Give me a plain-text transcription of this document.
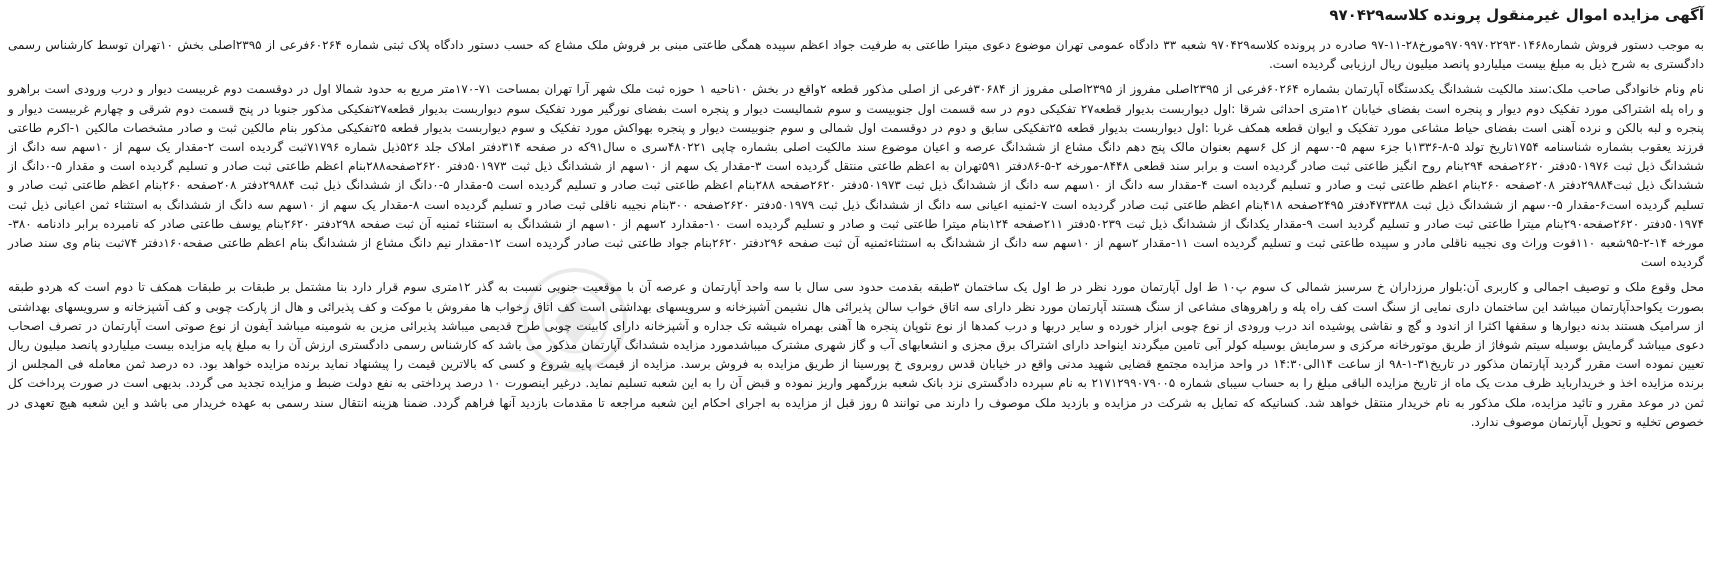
آگهی مزایده اموال غیرمنقول پرونده کلاسه۹۷۰۴۲۹

به موجب دستور فروش شماره۹۷۰۹۹۷۰۲۲۹۳۰۱۴۶۸مورخ۲۸-۱۱-۹۷ صادره در پرونده کلاسه۹۷۰۴۲۹ شعبه ۳۳ دادگاه عمومی تهران موضوع دعوی میترا طاعتی به طرفیت جواد اعظم سپیده همگی طاعتی مبنی بر فروش ملک مشاع که حسب دستور دادگاه پلاک ثبتی شماره ۶۰۲۶۴فرعی از ۲۳۹۵اصلی بخش ۱۰تهران توسط کارشناس رسمی دادگستری به شرح ذیل به مبلغ بیست میلیاردو پانصد میلیون ریال ارزیابی گردیده است.

نام ونام خانوادگی صاحب ملک:سند مالکیت ششدانگ یکدستگاه آپارتمان بشماره ۶۰۲۶۴فرعی از ۲۳۹۵اصلی مفروز از ۲۳۹۵اصلی مفروز از ۳۰۶۸۴فرعی از اصلی مذکور قطعه ۲واقع در بخش ۱۰ناحیه ۱ حوزه ثبت ملک شهر آرا تهران بمساحت ۷۱-۱۷۰متر مربع به حدود شمالا اول در دوقسمت دوم غربیست دیوار و درب ورودی است براهرو و راه پله اشتراکی مورد تفکیک دوم دیوار و پنجره است بفضای خیابان ۱۲متری احداثی شرقا :اول دیواربست بدیوار قطعه۲۷ تفکیکی دوم در سه قسمت اول جنوبیست و سوم شمالیست دیوار و پنجره است بفضای نورگیر مورد تفکیک سوم دیواربست بدیوار قطعه۲۷تفکیکی مذکور جنوبا در پنج قسمت دوم شرقی و چهارم غربیست دیوار و پنجره و لبه بالکن و نرده آهنی است بفضای حیاط مشاعی مورد تفکیک و ایوان قطعه همکف غربا :اول دیواربست بدیوار قطعه ۲۵تفکیکی سابق و دوم در دوقسمت اول شمالی و سوم جنوبیست دیوار و پنجره بهواکش مورد تفکیک و سوم دیواربست بدیوار قطعه ۲۵تفکیکی مذکور بنام مالکین ثبت و صادر مشخصات مالکین ۱-اکرم طاعتی فرزند یعقوب بشماره شناسنامه ۱۷۵۴تاریخ تولد ۵-۸-۱۳۳۶با جزء سهم ۵-۰سهم از کل ۶سهم بعنوان مالک پنج دهم دانگ مشاع از ششدانگ عرصه و اعیان موضوع سند مالکیت اصلی بشماره چاپی ۴۸۰۲۲۱سری ه سال۹۱که در صفحه ۳۱۴دفتر املاک جلد ۵۲۶ذیل شماره ۷۱۷۹۶ثبت گردیده است ۲-مقدار یک سهم از ۱۰سهم سه دانگ از ششدانگ ذیل ثبت ۵۰۱۹۷۶دفتر ۲۶۲۰صفحه ۲۹۴بنام روح انگیز طاعتی ثبت صادر گردیده است و برابر سند قطعی ۸۴۴۸-مورخه ۲-۵-۸۶دفتر ۵۹۱تهران به اعظم طاعتی منتقل گردیده است ۳-مقدار یک سهم از ۱۰سهم از ششدانگ ذیل ثبت ۵۰۱۹۷۳دفتر ۲۶۲۰صفحه۲۸۸بنام اعظم طاعتی ثبت صادر و تسلیم گردیده است و مقدار ۵-۰دانگ از ششدانگ ذیل ثبت۲۹۸۸۴دفتر ۲۰۸صفحه ۲۶۰بنام اعظم طاعتی ثبت و صادر و تسلیم گردیده است ۴-مقدار سه دانگ از ۱۰سهم سه دانگ از ششدانگ ذیل ثبت ۵۰۱۹۷۳دفتر ۲۶۲۰صفحه ۲۸۸بنام اعظم طاعتی ثبت صادر و تسلیم گردیده است ۵-مقدار ۵-۰دانگ از ششدانگ ذیل ثبت ۲۹۸۸۴دفتر ۲۰۸صفحه ۲۶۰بنام اعظم طاعتی ثبت صادر و تسلیم گردیده است۶-مقدار ۵-۰سهم از ششدانگ ذیل ثبت ۴۷۳۳۸۸دفتر ۲۴۹۵صفحه ۴۱۸بنام اعظم طاعتی ثبت صادر گردیده است ۷-ثمنیه اعیانی سه دانگ از ششدانگ ذیل ثبت ۵۰۱۹۷۹دفتر ۲۶۲۰صفحه ۳۰۰بنام نجیبه ناقلی ثبت صادر و تسلیم گردیده است ۸-مقدار یک سهم از ۱۰سهم سه دانگ از ششدانگ به استثناء ثمن اعیانی ذیل ثبت ۵۰۱۹۷۴دفتر ۲۶۲۰صفحه۲۹۰بنام میترا طاعتی ثبت صادر و تسلیم گردید است ۹-مقدار یکدانگ از ششدانگ ذیل ثبت ۵۰۲۳۹دفتر ۲۱۱صفحه ۱۲۴بنام میترا طاعتی ثبت و صادر و تسلیم گردیده است ۱۰-مقدارد ۲سهم از ۱۰سهم از ششدانگ به استثناء ثمنیه آن ثبت صفحه ۲۹۸دفتر ۲۶۲۰بنام یوسف طاعتی صادر که نامبرده برابر دادنامه ۳۸۰-مورخه ۱۴-۲-۹۵شعبه ۱۱۰فوت وراث وی نجیبه ناقلی مادر و سپیده طاعتی ثبت و تسلیم گردیده است ۱۱-مقدار ۲سهم از ۱۰سهم سه دانگ از ششدانگ به استثناءثمنیه آن ثبت صفحه ۲۹۶دفتر ۲۶۲۰بنام جواد طاعتی ثبت صادر گردیده است ۱۲-مقدار نیم دانگ مشاع از ششدانگ بنام اعظم طاعتی صفحه۱۶۰دفتر ۷۴ثبت بنام وی سند صادر گردیده است

محل وقوع ملک و توصیف اجمالی و کاربری آن:بلوار مرزداران خ سرسبز شمالی ک سوم پ۱۰ ط اول آپارتمان مورد نظر در ط اول یک ساختمان ۳طبقه بقدمت حدود سی سال با سه واحد آپارتمان و عرصه آن با موقعیت جنوبی نسبت به گذر ۱۲متری سوم قرار دارد بنا مشتمل بر طبقات بر طبقات همکف تا دوم است که هردو طبقه بصورت یکواحدآپارتمان میباشد این ساختمان داری نمایی از سنگ است کف راه پله و راهروهای مشاعی از سنگ هستند آپارتمان مورد نظر دارای سه اتاق خواب سالن پذیرائی هال نشیمن آشپزخانه و سرویسهای بهداشتی است کف اتاق رخواب ها مفروش با موکت و کف پذیرائی و هال از پارکت چوبی و کف آشپزخانه و سرویسهای بهداشتی از سرامیک هستند بدنه دیوارها و سقفها اکثرا از اندود و گچ و نقاشی پوشیده اند درب ورودی از نوع چوبی ابزار خورده و سایر دربها و درب کمدها از نوع نئوپان پنجره ها آهنی بهمراه شیشه تک جداره و آشپزخانه دارای کابینت چوبی طرح قدیمی میباشد پذیرائی مزین به شومینه میباشد آیفون از نوع صوتی است آپارتمان در تصرف اصحاب دعوی میباشد گرمایش بوسیله سیتم شوفاژ از طریق موتورخانه مرکزی و سرمایش بوسیله کولر آبی تامین میگردند اینواحد دارای اشتراک برق مجزی و انشعابهای آب و گاز شهری مشترک میباشدمورد مزایده ششدانگ آپارتمان مذکور می باشد که کارشناس رسمی دادگستری ارزش آن را به مبلغ پایه مزایده بیست میلیاردو پانصد میلیون ریال تعیین نموده است مقرر گردید آپارتمان مذکور در تاریخ۳۱-۱-۹۸ از ساعت ۱۴الی۱۴:۳۰ در واحد مزایده مجتمع قضایی شهید مدنی واقع در خیابان قدس روبروی خ پورسینا از طریق مزایده به فروش برسد. مزایده از قیمت پایه شروع و کسی که بالاترین قیمت را پیشنهاد نماید برنده مزایده خواهد بود. ده درصد ثمن معامله فی المجلس از برنده مزایده اخذ و خریدارباید ظرف مدت یک ماه از تاریخ مزایده الباقی مبلغ را به حساب سیبای شماره ۲۱۷۱۲۹۹۰۷۹۰۰۵ به نام سپرده دادگستری نزد بانک شعبه بزرگمهر واریز نموده و قبض آن را به این شعبه تسلیم نماید. درغیر اینصورت ۱۰ درصد پرداختی به نفع دولت ضبط و مزایده تجدید می گردد. بدیهی است در صورت پرداخت کل ثمن در موعد مقرر و تائید مزایده، ملک مذکور به نام خریدار منتقل خواهد شد. کسانیکه که تمایل به شرکت در مزایده و بازدید ملک موصوف را دارند می توانند ۵ روز قبل از مزایده به اجرای احکام این شعبه مراجعه تا مقدمات بازدید آنها فراهم گردد. ضمنا هزینه انتقال سند رسمی به عهده خریدار می باشد و این شعبه هیچ تعهدی در خصوص تخلیه و تحویل آپارتمان موصوف ندارد.
